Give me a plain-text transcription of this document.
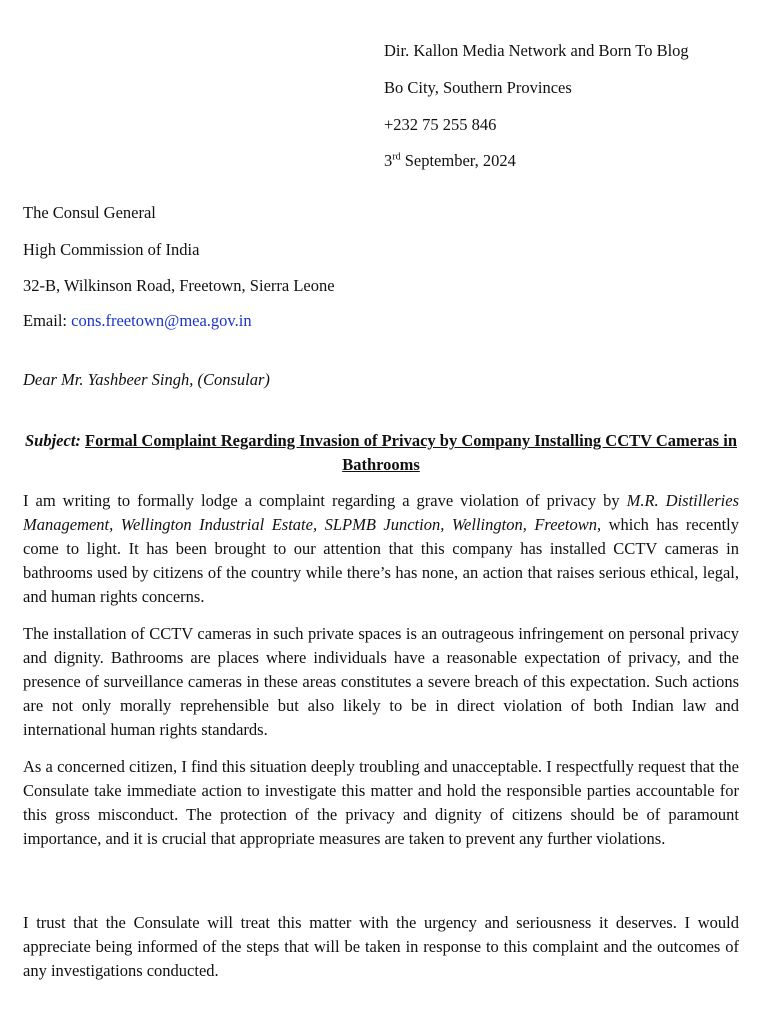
Dir. Kallon Media Network and Born To Blog
Bo City, Southern Provinces
+232 75 255 846
3rd September, 2024
The Consul General
High Commission of India
32-B, Wilkinson Road, Freetown, Sierra Leone
Email: cons.freetown@mea.gov.in
Dear Mr. Yashbeer Singh, (Consular)
Subject: Formal Complaint Regarding Invasion of Privacy by Company Installing CCTV Cameras in Bathrooms

I am writing to formally lodge a complaint regarding a grave violation of privacy by M.R. Distilleries Management, Wellington Industrial Estate, SLPMB Junction, Wellington, Freetown, which has recently come to light. It has been brought to our attention that this company has installed CCTV cameras in bathrooms used by citizens of the country while there’s has none, an action that raises serious ethical, legal, and human rights concerns.

The installation of CCTV cameras in such private spaces is an outrageous infringement on personal privacy and dignity. Bathrooms are places where individuals have a reasonable expectation of privacy, and the presence of surveillance cameras in these areas constitutes a severe breach of this expectation. Such actions are not only morally reprehensible but also likely to be in direct violation of both Indian law and international human rights standards.

As a concerned citizen, I find this situation deeply troubling and unacceptable. I respectfully request that the Consulate take immediate action to investigate this matter and hold the responsible parties accountable for this gross misconduct. The protection of the privacy and dignity of citizens should be of paramount importance, and it is crucial that appropriate measures are taken to prevent any further violations.

I trust that the Consulate will treat this matter with the urgency and seriousness it deserves. I would appreciate being informed of the steps that will be taken in response to this complaint and the outcomes of any investigations conducted.
